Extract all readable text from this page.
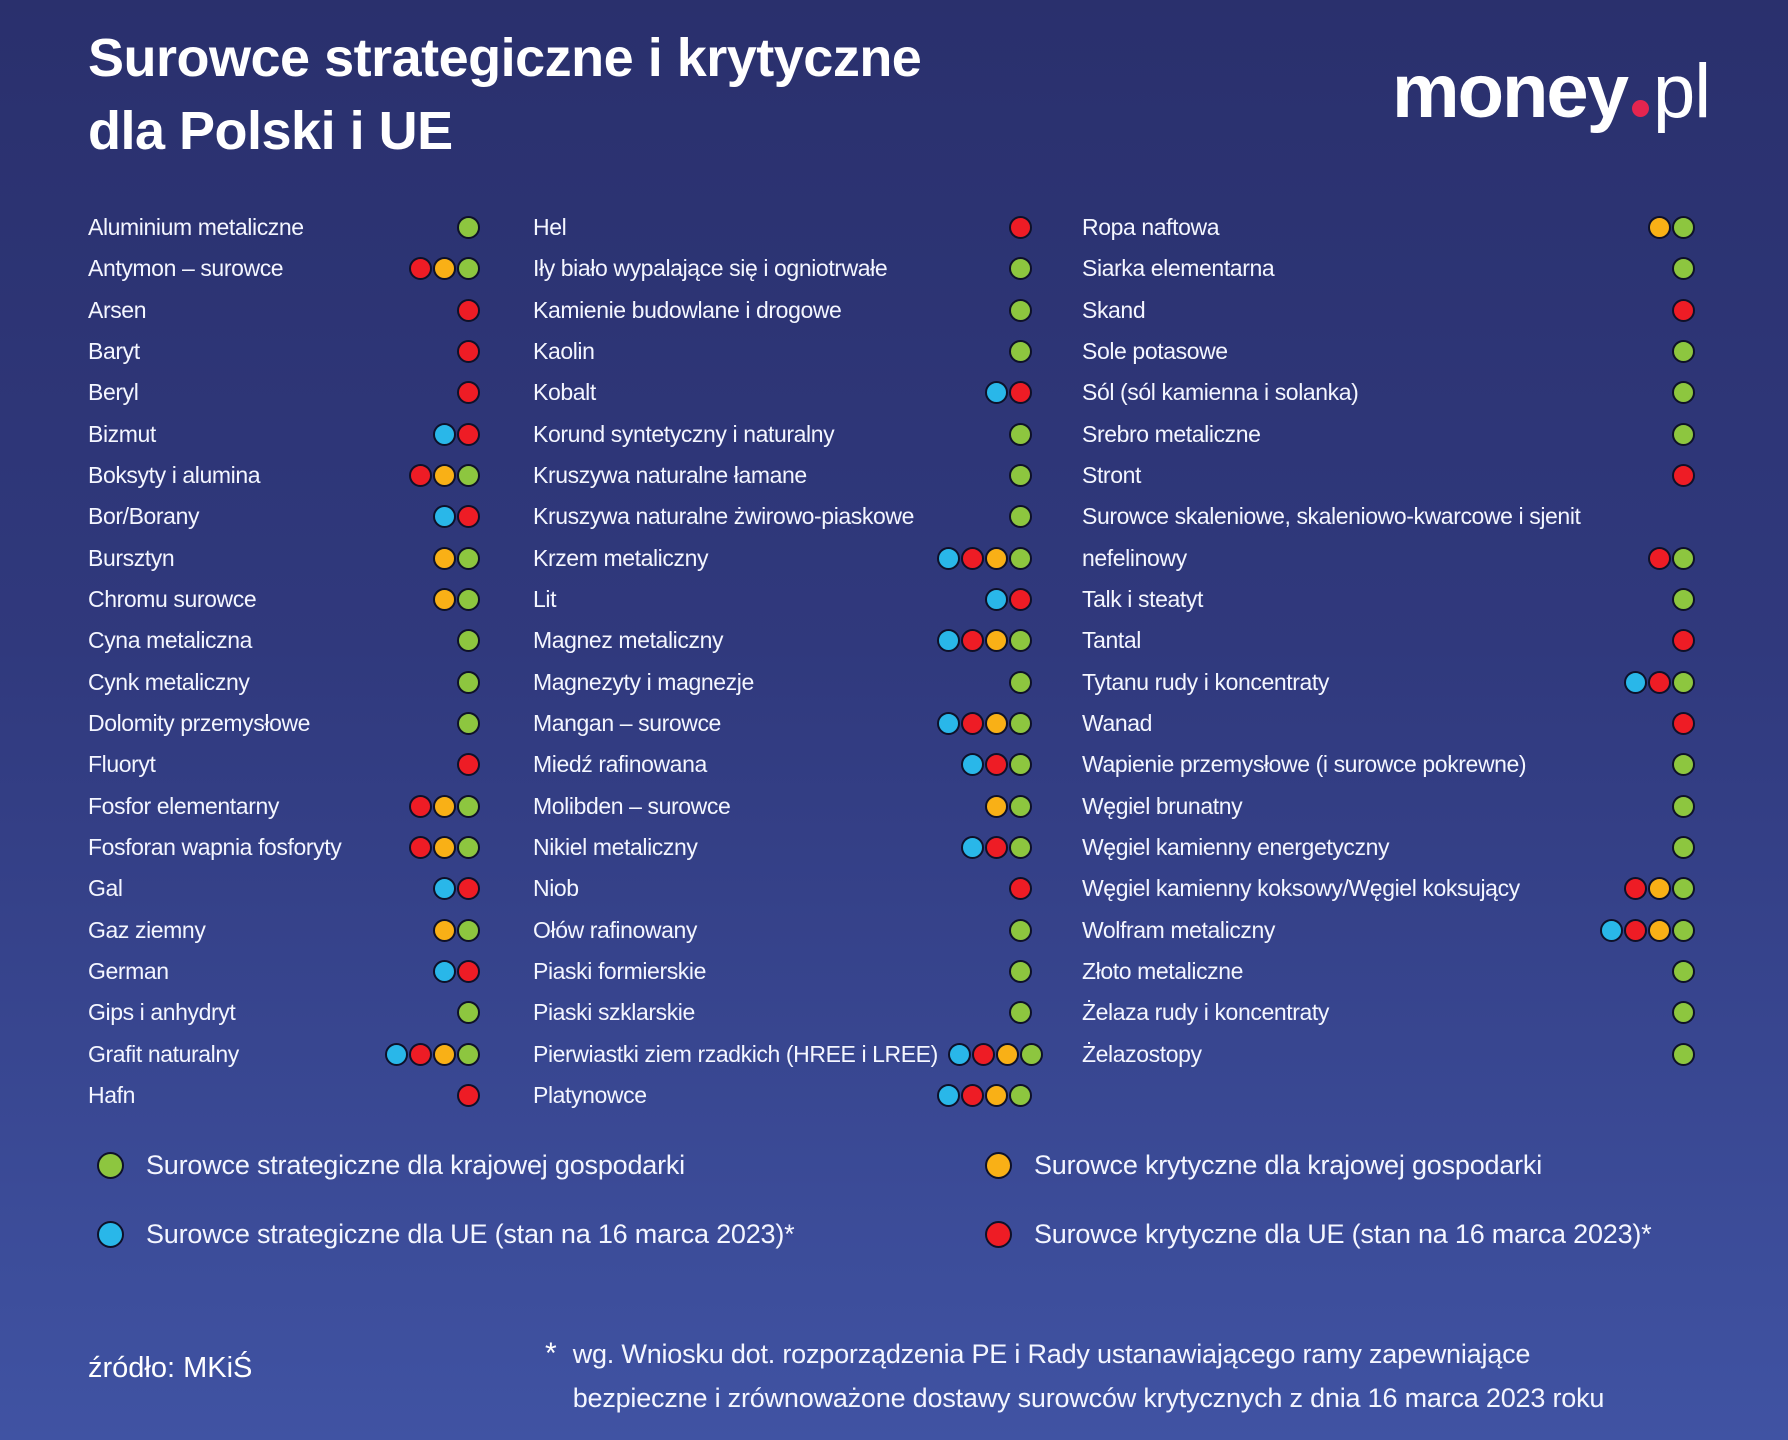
Surowce strategiczne i krytyczne
dla Polski i UE	money pl
Aluminium metaliczne
Antymon – surowce
Arsen
Baryt
Beryl
Bizmut
Boksyty i alumina
Bor/Borany
Bursztyn
Chromu surowce
Cyna metaliczna
Cynk metaliczny
Dolomity przemysłowe
Fluoryt
Fosfor elementarny
Fosforan wapnia fosforyty
Gal
Gaz ziemny
German
Gips i anhydryt
Grafit naturalny
Hafn
Hel
Iły biało wypalające się i ogniotrwałe
Kamienie budowlane i drogowe
Kaolin
Kobalt
Korund syntetyczny i naturalny
Kruszywa naturalne łamane
Kruszywa naturalne żwirowo-piaskowe
Krzem metaliczny
Lit
Magnez metaliczny
Magnezyty i magnezje
Mangan – surowce
Miedź rafinowana
Molibden – surowce
Nikiel metaliczny
Niob
Ołów rafinowany
Piaski formierskie
Piaski szklarskie
Pierwiastki ziem rzadkich (HREE i LREE)
Platynowce
Ropa naftowa
Siarka elementarna
Skand
Sole potasowe
Sól (sól kamienna i solanka)
Srebro metaliczne
Stront
Surowce skaleniowe, skaleniowo-kwarcowe i sjenit
nefelinowy
Talk i steatyt
Tantal
Tytanu rudy i koncentraty
Wanad
Wapienie przemysłowe (i surowce pokrewne)
Węgiel brunatny
Węgiel kamienny energetyczny
Węgiel kamienny koksowy/Węgiel koksujący
Wolfram metaliczny
Złoto metaliczne
Żelaza rudy i koncentraty
Żelazostopy
Surowce strategiczne dla krajowej gospodarki
Surowce strategiczne dla UE (stan na 16 marca 2023)*
Surowce krytyczne dla krajowej gospodarki
Surowce krytyczne dla UE (stan na 16 marca 2023)*
źródło: MKiŚ	* wg. Wniosku dot. rozporządzenia PE i Rady ustanawiającego ramy zapewniające
bezpieczne i zrównoważone dostawy surowców krytycznych z dnia 16 marca 2023 roku
